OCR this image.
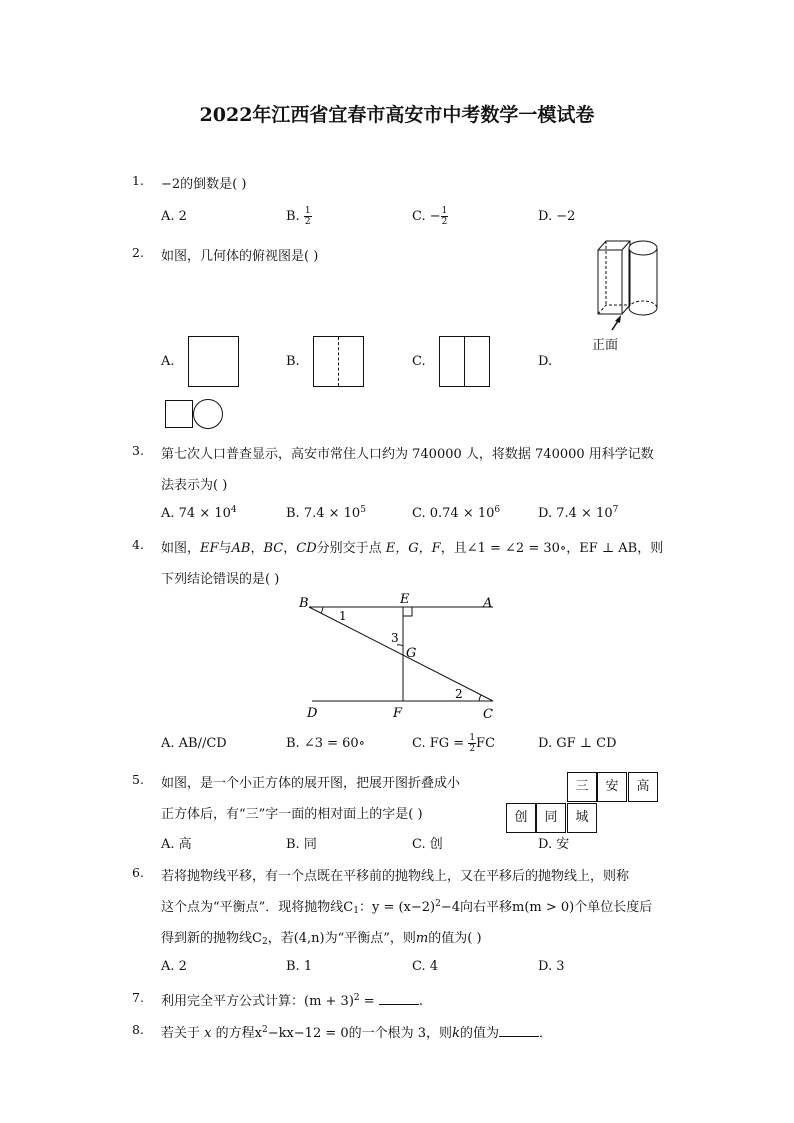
2022年江西省宜春市高安市中考数学一模试卷
1. −2的倒数是( )
A. 2	B. $\frac{1}{2}$	C. − $\frac{1}{2}$	D. −2
2. 如图，几何体的俯视图是( )
正面
A.	B.	C.	D.
3. 第七次人口普查显示，高安市常住人口约为 740000 人，将数据 740000 用科学记数
法表示为( )
A. $74 \times 10^4$	B. $7.4 \times 10^5$	C. $0.74 \times 10^6$	D. $7.4 \times 10^7$
4. 如图，EF与AB，BC，CD分别交于点 E，G，F，且∠1 = ∠2 = 30∘，EF ⊥ AB，则
下列结论错误的是( )
B	E	A
1
3
G
2
D	F	C
A. AB//CD	B. ∠3 = 60∘	C. FG = $\frac{1}{2}$ FC	D. GF ⊥ CD
5. 如图，是一个小正方体的展开图，把展开图折叠成小
正方体后，有“三”字一面的相对面上的字是( )
三	安	高
A. 高	B. 同	C. 创	D. 安
创	同	城
6. 若将抛物线平移，有一个点既在平移前的抛物线上，又在平移后的抛物线上，则称
这个点为“平衡点”．现将抛物线$C_1$：$y = (x-2)^2-4$向右平移m(m > 0)个单位长度后
得到新的抛物线$C_2$，若(4,n)为“平衡点”，则m的值为( )
A. 2	B. 1	C. 4	D. 3
7. 利用完全平方公式计算：$(m + 3)^2$ =	.
8. 若关于 x 的方程$x^2-kx-12 = 0$的一个根为 3，则k的值为	．
